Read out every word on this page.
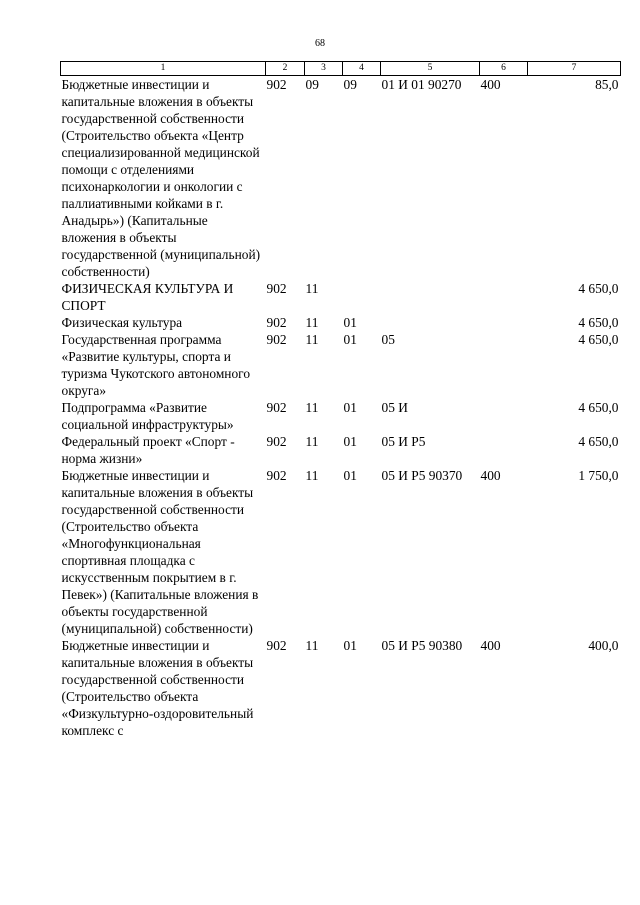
68
1	2	3	4	5	6	7
Бюджетные инвестиции и капитальные вложения в объекты государственной собственности (Строительство объекта «Центр специализированной медицинской помощи с отделениями психонаркологии и онкологии с паллиативными койками в г. Анадырь») (Капитальные вложения в объекты государственной (муниципальной) собственности)	902	09	09	01 И 01 90270	400	85,0
ФИЗИЧЕСКАЯ КУЛЬТУРА И СПОРТ	902	11				4 650,0
Физическая культура	902	11	01			4 650,0
Государственная программа «Развитие культуры, спорта и туризма Чукотского автономного округа»	902	11	01	05		4 650,0
Подпрограмма «Развитие социальной инфраструктуры»	902	11	01	05 И		4 650,0
Федеральный проект «Спорт - норма жизни»	902	11	01	05 И Р5		4 650,0
Бюджетные инвестиции и капитальные вложения в объекты государственной собственности (Строительство объекта «Многофункциональная спортивная площадка с искусственным покрытием в г. Певек») (Капитальные вложения в объекты государственной (муниципальной) собственности)	902	11	01	05 И Р5 90370	400	1 750,0
Бюджетные инвестиции и капитальные вложения в объекты государственной собственности (Строительство объекта «Физкультурно-оздоровительный комплекс с	902	11	01	05 И Р5 90380	400	400,0
